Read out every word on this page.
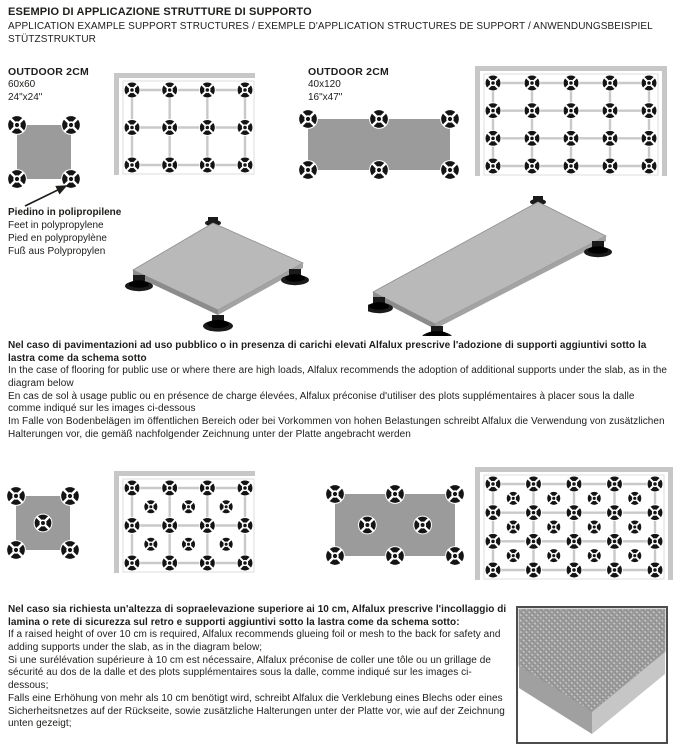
ESEMPIO DI APPLICAZIONE STRUTTURE DI SUPPORTO
APPLICATION EXAMPLE SUPPORT STRUCTURES / EXEMPLE D'APPLICATION STRUCTURES DE SUPPORT / ANWENDUNGSBEISPIEL STÜTZSTRUKTUR
OUTDOOR 2CM
60x60
24"x24"
OUTDOOR 2CM
40x120
16"x47"
Piedino in polipropilene
Feet in polypropylene
Pied en polypropylène
Fuß aus Polypropylen

Nel caso di pavimentazioni ad uso pubblico o in presenza di carichi elevati Alfalux prescrive l'adozione di supporti aggiuntivi sotto la lastra come da schema sotto

In the case of flooring for public use or where there are high loads, Alfalux recommends the adoption of additional supports under the slab, as in the diagram below

En cas de sol à usage public ou en présence de charge élevées, Alfalux préconise d'utiliser des plots supplémentaires à placer sous la dalle comme indiqué sur les images ci-dessous

Im Falle von Bodenbelägen im öffentlichen Bereich oder bei Vorkommen von hohen Belastungen schreibt Alfalux die Verwendung von zusätzlichen Halterungen vor, die gemäß nachfolgender Zeichnung unter der Platte angebracht werden

Nel caso sia richiesta un'altezza di sopraelevazione superiore ai 10 cm, Alfalux prescrive l'incollaggio di lamina o rete di sicurezza sul retro e supporti aggiuntivi sotto la lastra come da schema sotto:

If a raised height of over 10 cm is required, Alfalux recommends glueing foil or mesh to the back for safety and adding supports under the slab, as in the diagram below;

Si une surélévation supérieure à 10 cm est nécessaire, Alfalux préconise de coller une tôle ou un grillage de sécurité au dos de la dalle et des plots supplémentaires sous la dalle, comme indiqué sur les images ci-dessous;

Falls eine Erhöhung von mehr als 10 cm benötigt wird, schreibt Alfalux die Verklebung eines Blechs oder eines Sicherheitsnetzes auf der Rückseite, sowie zusätzliche Halterungen unter der Platte vor, wie auf der Zeichnung unten gezeigt;
